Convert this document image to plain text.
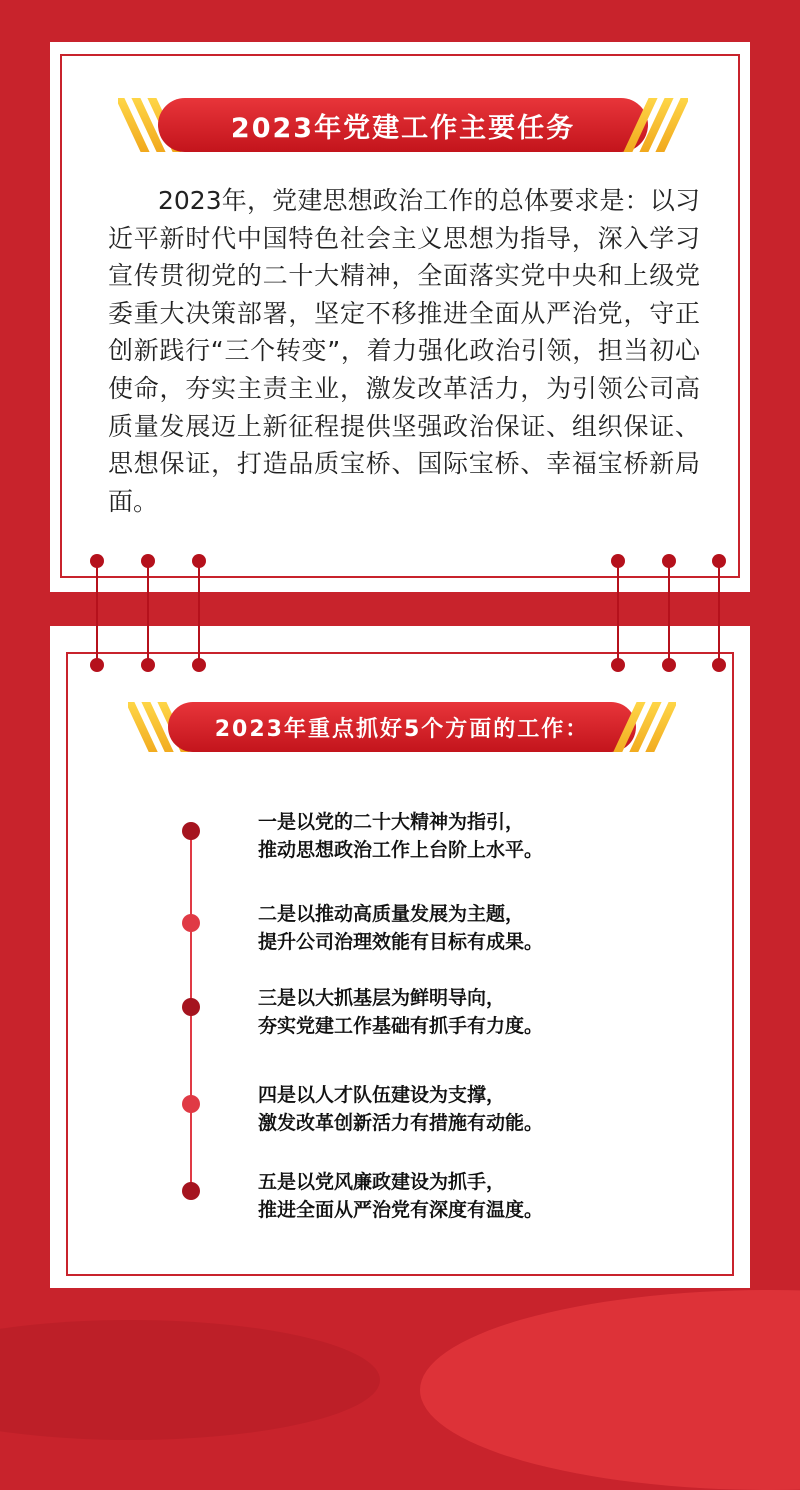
2023年党建工作主要任务
2023年，党建思想政治工作的总体要求是：以习近平新时代中国特色社会主义思想为指导，深入学习宣传贯彻党的二十大精神，全面落实党中央和上级党委重大决策部署，坚定不移推进全面从严治党，守正创新践行“三个转变”，着力强化政治引领，担当初心使命，夯实主责主业，激发改革活力，为引领公司高质量发展迈上新征程提供坚强政治保证、组织保证、思想保证，打造品质宝桥、国际宝桥、幸福宝桥新局面。
2023年重点抓好5个方面的工作：
一是以党的二十大精神为指引，
推动思想政治工作上台阶上水平。
二是以推动高质量发展为主题，
提升公司治理效能有目标有成果。
三是以大抓基层为鲜明导向，
夯实党建工作基础有抓手有力度。
四是以人才队伍建设为支撑，
激发改革创新活力有措施有动能。
五是以党风廉政建设为抓手，
推进全面从严治党有深度有温度。
